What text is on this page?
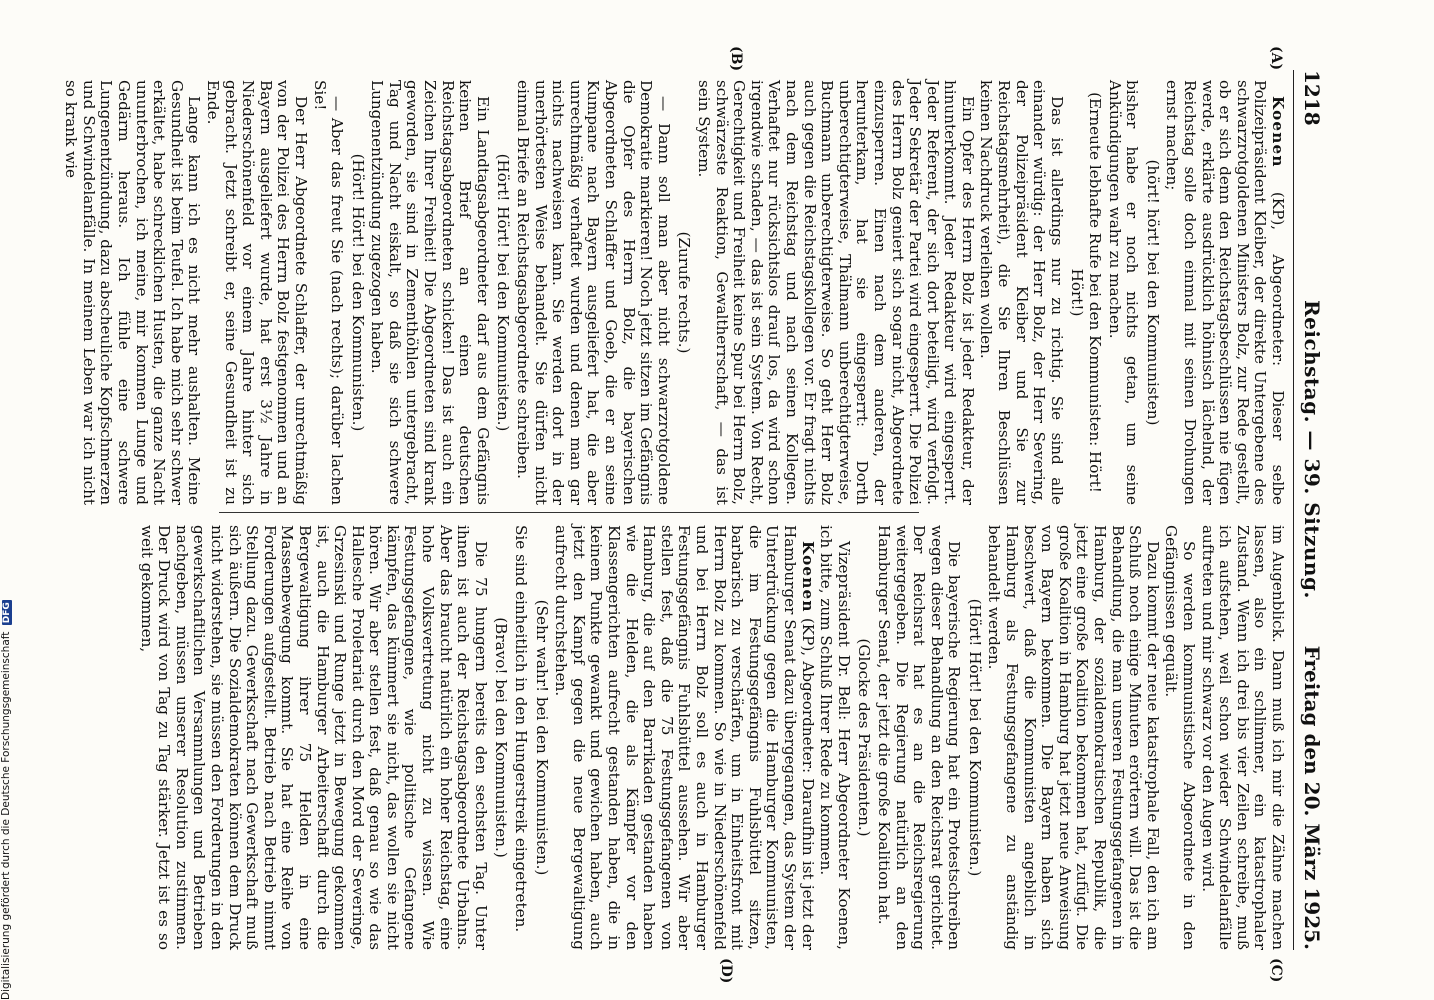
1218
Reichstag. — 39. Sitzung.
Freitag den 20. März 1925.
(A)
(B)
(C)
(D)

Koenen (KP), Abgeordneter: Dieser selbe Polizeipräsident Kleiber, der direkte Untergebene des schwarzrotgoldenen Ministers Bolz, zur Rede gestellt, ob er sich denn den Reichstagsbeschlüssen nie fügen werde, erklärte ausdrücklich höhnisch lächelnd, der Reichstag solle doch einmal mit seinen Drohungen ernst machen;

(hört! hört! bei den Kommunisten)

bisher habe er noch nichts getan, um seine Ankündigungen wahr zu machen.

(Erneute lebhafte Rufe bei den Kommunisten: Hört! Hört!)

Das ist allerdings nur zu richtig. Sie sind alle einander würdig: der Herr Bolz, der Herr Severing, der Polizeipräsident Kleiber und Sie zur Reichstagsmehrheit), die Sie Ihren Beschlüssen keinen Nachdruck verleihen wollen.

Ein Opfer des Herrn Bolz ist jeder Redakteur, der hinunterkommt. Jeder Redakteur wird eingesperrt. Jeder Referent, der sich dort beteiligt, wird verfolgt. Jeder Sekretär der Partei wird eingesperrt. Die Polizei des Herrn Bolz geniert sich sogar nicht, Abgeordnete einzusperren. Einen nach dem anderen, der herunterkam, hat sie eingesperrt: Dorth unberechtigterweise, Thälmann unberechtigterweise, Buchmann unberechtigterweise. So geht Herr Bolz auch gegen die Reichstagskollegen vor. Er fragt nichts nach dem Reichstag und nach seinen Kollegen. Verhaftet nur rücksichtslos drauf los, da wird schon irgendwie schaden, — das ist sein System. Von Recht, Gerechtigkeit und Freiheit keine Spur bei Herrn Bolz, schwärzeste Reaktion, Gewaltherrschaft, — das ist sein System.

(Zurufe rechts.)

— Dann soll man aber nicht schwarzrotgoldene Demokratie markieren! Noch jetzt sitzen im Gefängnis die Opfer des Herrn Bolz, die bayerischen Abgeordneten Schlaffer und Goeb, die er an seine Kumpane nach Bayern ausgeliefert hat, die aber unrechtmäßig verhaftet wurden und denen man gar nichts nachweisen kann. Sie werden dort in der unerhörtesten Weise behandelt. Sie dürfen nicht einmal Briefe an Reichstagsabgeordnete schreiben.

(Hört! Hört! bei den Kommunisten.)

Ein Landtagsabgeordneter darf aus dem Gefängnis keinen Brief an einen deutschen Reichstagsabgeordneten schicken! Das ist auch ein Zeichen Ihrer Freiheit! Die Abgeordneten sind krank geworden, sie sind in Zementhöhlen untergebracht, Tag und Nacht eiskalt, so daß sie sich schwere Lungenentzündung zugezogen haben.

(Hört! Hört! bei den Kommunisten.)

— Aber das freut Sie (nach rechts); darüber lachen Sie!

Der Herr Abgeordnete Schlaffer, der unrechtmäßig von der Polizei des Herrn Bolz festgenommen und an Bayern ausgeliefert wurde, hat erst 3½ Jahre in Niederschönenfeld vor einem Jahre hinter sich gebracht. Jetzt schreibt er, seine Gesundheit ist zu Ende.

Lange kann ich es nicht mehr aushalten. Meine Gesundheit ist beim Teufel. Ich habe mich sehr schwer erkältet, habe schrecklichen Husten, die ganze Nacht ununterbrochen, ich meine, mir kommen Lunge und Gedärm heraus. Ich fühle eine schwere Lungenentzündung, dazu abscheuliche Kopfschmerzen und Schwindelanfälle. In meinem Leben war ich nicht so krank wie

im Augenblick. Dann muß ich mir die Zähne machen lassen, also ein schlimmer, ein katastrophaler Zustand. Wenn ich drei bis vier Zeilen schreibe, muß ich aufstehen, weil schon wieder Schwindelanfälle auftreten und mir schwarz vor den Augen wird.

So werden kommunistische Abgeordnete in den Gefängnissen gequält.

Dazu kommt der neue katastrophale Fall, den ich am Schluß noch einige Minuten erörtern will. Das ist die Behandlung, die man unseren Festungsgefangenen in Hamburg, der sozialdemokratischen Republik, die jetzt eine große Koalition bekommen hat, zufügt. Die große Koalition in Hamburg hat jetzt neue Anweisung von Bayern bekommen. Die Bayern haben sich beschwert, daß die Kommunisten angeblich in Hamburg als Festungsgefangene zu anständig behandelt werden.

(Hört! Hört! bei den Kommunisten.)

Die bayerische Regierung hat ein Protestschreiben wegen dieser Behandlung an den Reichsrat gerichtet. Der Reichsrat hat es an die Reichsregierung weitergegeben. Die Regierung natürlich an den Hamburger Senat, der jetzt die große Koalition hat.

(Glocke des Präsidenten.)

Vizepräsident Dr. Bell: Herr Abgeordneter Koenen, ich bitte, zum Schluß Ihrer Rede zu kommen.

Koenen (KP), Abgeordneter: Daraufhin ist jetzt der Hamburger Senat dazu übergegangen, das System der Unterdrückung gegen die Hamburger Kommunisten, die im Festungsgefängnis Fuhlsbüttel sitzen, barbarisch zu verschärfen, um in Einheitsfront mit Herrn Bolz zu kommen. So wie in Niederschönenfeld und bei Herrn Bolz soll es auch in Hamburger Festungsgefängnis Fuhlsbüttel aussehen. Wir aber stellen fest, daß die 75 Festungsgefangenen von Hamburg, die auf den Barrikaden gestanden haben wie die Helden, die als Kämpfer vor den Klassengerichten aufrecht gestanden haben, die in keinem Punkte gewankt und gewichen haben, auch jetzt den Kampf gegen die neue Bergewaltigung aufrecht durchstehen.

(Sehr wahr! bei den Kommunisten.)

Sie sind einheitlich in den Hungerstreik eingetreten.

(Bravo! bei den Kommunisten.)

Die 75 hungern bereits den sechsten Tag. Unter ihnen ist auch der Reichstagsabgeordnete Urbahns. Aber das braucht natürlich ein hoher Reichstag, eine hohe Volksvertretung nicht zu wissen. Wie Festungsgefangene, wie politische Gefangene kämpfen, das kümmert sie nicht, das wollen sie nicht hören. Wir aber stellen fest, daß genau so wie das Hallesche Proletariat durch den Mord der Severinge, Grzesinski und Runge jetzt in Bewegung gekommen ist, auch die Hamburger Arbeiterschaft durch die Bergewaltigung ihrer 75 Helden in eine Massenbewegung kommt. Sie hat eine Reihe von Forderungen aufgestellt. Betrieb nach Betrieb nimmt Stellung dazu. Gewerkschaft nach Gewerkschaft muß sich äußern. Die Sozialdemokraten können dem Druck nicht widerstehen, sie müssen den Forderungen in den gewerkschaftlichen Versammlungen und Betrieben nachgeben, müssen unserer Resolution zustimmen. Der Druck wird von Tag zu Tag stärker. Jetzt ist es so weit gekommen,

Digitalisierung gefördert durch die Deutsche Forschungsgemeinschaft DFG
